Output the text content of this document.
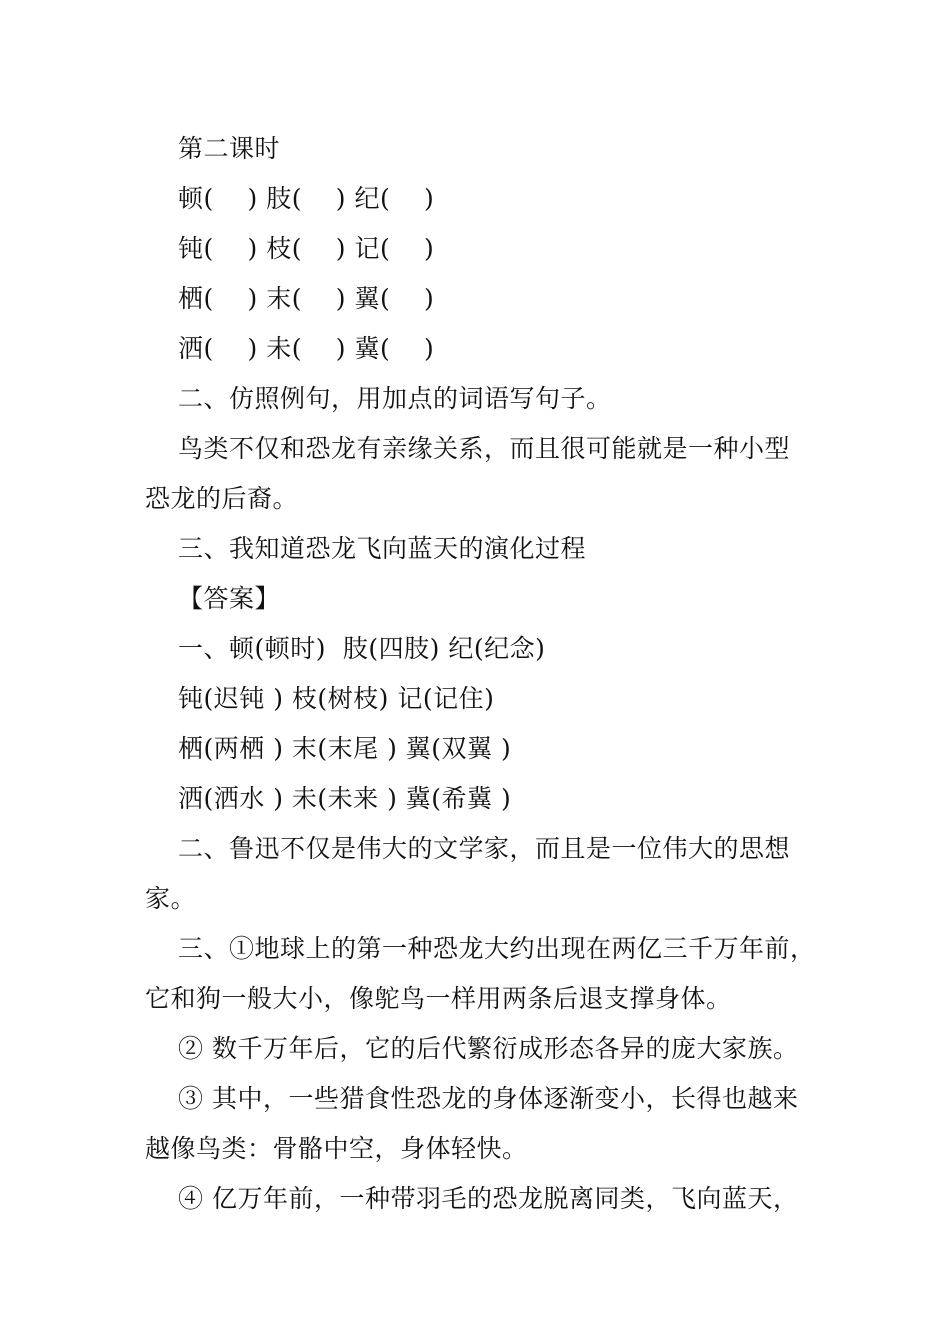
第二课时
顿(    ) 肢(    ) 纪(    )
钝(    ) 枝(    ) 记(    )
栖(    ) 末(    ) 翼(    )
洒(    ) 未(    ) 冀(    )
二、仿照例句，用加点的词语写句子。
鸟类不仅和恐龙有亲缘关系，而且很可能就是一种小型
恐龙的后裔。
三、我知道恐龙飞向蓝天的演化过程
【答案】
一、顿(顿时)  肢(四肢) 纪(纪念)
钝(迟钝 ) 枝(树枝) 记(记住)
栖(两栖 ) 末(末尾 ) 翼(双翼 )
洒(洒水 ) 未(未来 ) 冀(希冀 )
二、鲁迅不仅是伟大的文学家，而且是一位伟大的思想
家。
三、①地球上的第一种恐龙大约出现在两亿三千万年前，
它和狗一般大小，像鸵鸟一样用两条后退支撑身体。
② 数千万年后，它的后代繁衍成形态各异的庞大家族。
③ 其中，一些猎食性恐龙的身体逐渐变小，长得也越来
越像鸟类：骨骼中空，身体轻快。
④ 亿万年前，一种带羽毛的恐龙脱离同类，飞向蓝天，
